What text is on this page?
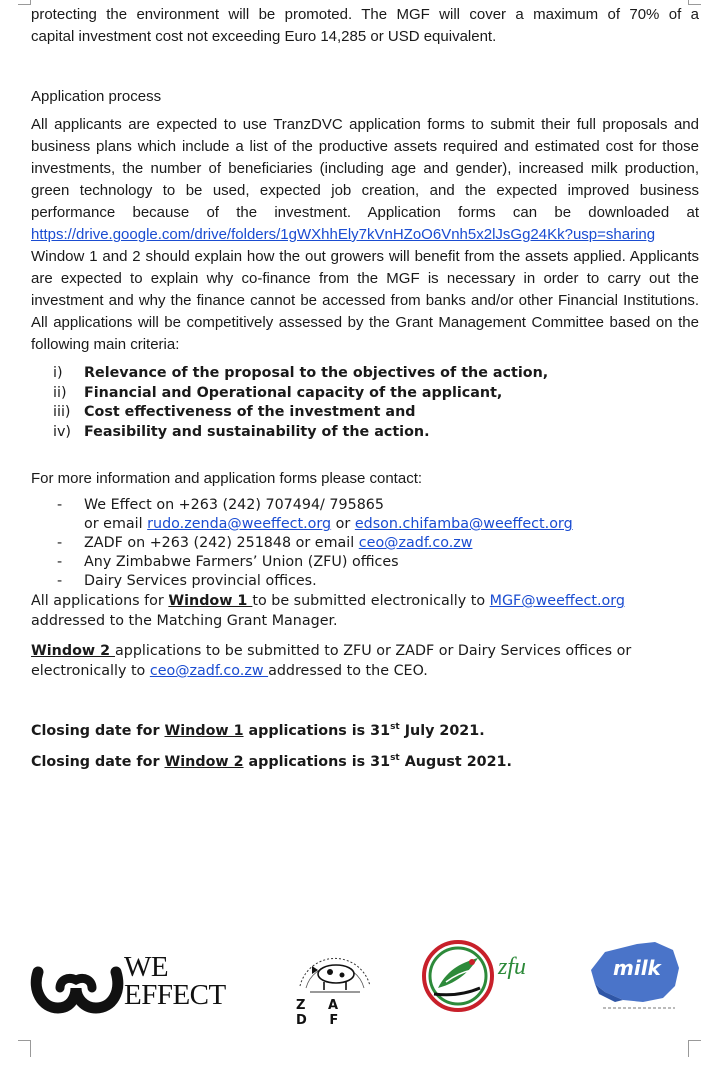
protecting the environment will be promoted. The MGF will cover a maximum of 70% of a

capital investment cost not exceeding Euro 14,285 or USD equivalent.

Application process

All applicants are expected to use TranzDVC application forms to submit their full proposals and business plans which include a list of the productive assets required and estimated cost for those investments, the number of beneficiaries (including age and gender), increased milk production, green technology to be used, expected job creation, and the expected improved business performance because of the investment. Application forms can be downloaded at

https://drive.google.com/drive/folders/1gWXhhEly7kVnHZoO6Vnh5x2lJsGg24Kk?usp=sharing Window 1 and 2 should explain how the out growers will benefit from the assets applied. Applicants are expected to explain why co-finance from the MGF is necessary in order to carry out the investment and why the finance cannot be accessed from banks and/or other Financial Institutions. All applications will be competitively assessed by the Grant Management Committee based on the following main criteria:

i)	Relevance of the proposal to the objectives of the action,
ii)	Financial and Operational capacity of the applicant,
iii) Cost effectiveness of the investment and
iv) Feasibility and sustainability of the action.

For more information and application forms please contact:

-	We Effect on +263 (242) 707494/ 795865
or email rudo.zenda@weeffect.org or edson.chifamba@weeffect.org
-	ZADF on +263 (242) 251848 or email ceo@zadf.co.zw
-	Any Zimbabwe Farmers’ Union (ZFU) offices
-	Dairy Services provincial offices.

All applications for Window 1 to be submitted electronically to MGF@weeffect.org

addressed to the Matching Grant Manager.

Window 2 applications to be submitted to ZFU or ZADF or Dairy Services offices or

electronically to ceo@zadf.co.zw addressed to the CEO.

Closing date for Window 1 applications is 31st July 2021.

Closing date for Window 2 applications is 31st August 2021.

WE
EFFECT	Z A D F
zfu	milk
